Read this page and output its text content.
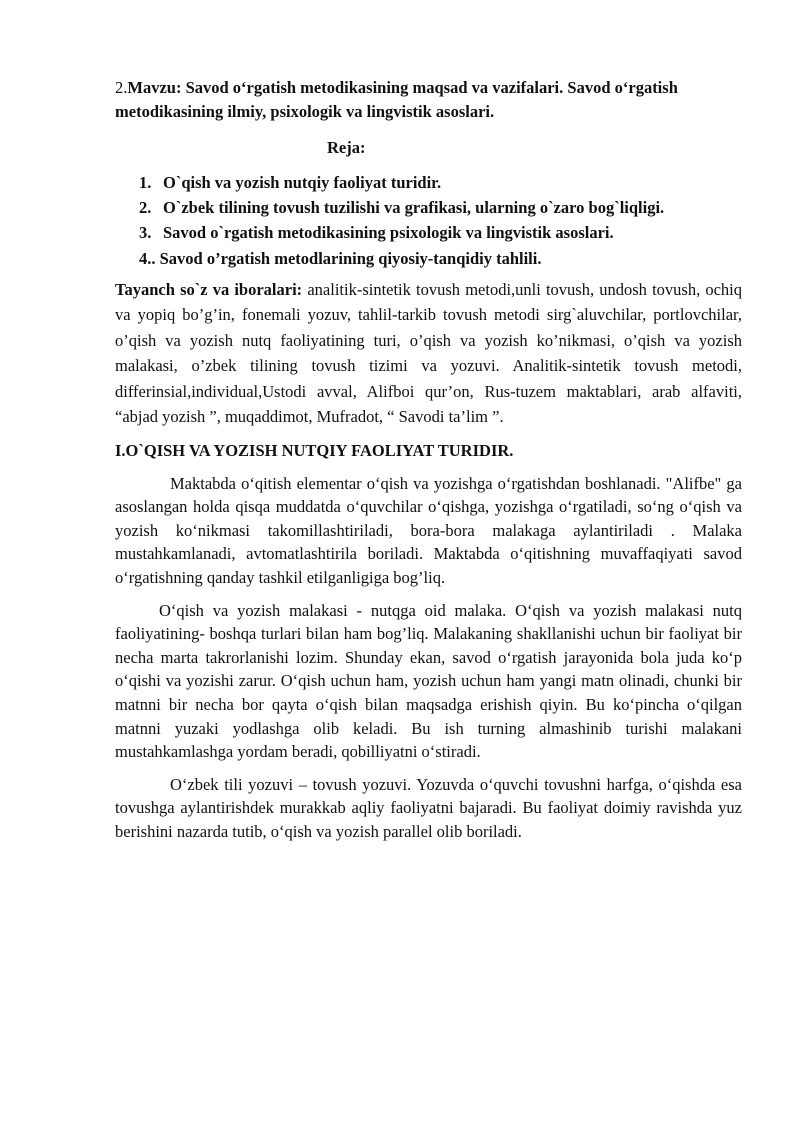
2.Mavzu: Savod o‘rgatish metodikasining maqsad va vazifalari. Savod o‘rgatish metodikasining ilmiy, psixologik va lingvistik asoslari.

Reja:

1. O`qish va yozish nutqiy faoliyat turidir.
2. O`zbek tilining tovush tuzilishi va grafikasi, ularning o`zaro bog`liqligi.
3. Savod o`rgatish metodikasining psixologik va lingvistik asoslari.
4.. Savod o’rgatish metodlarining qiyosiy-tanqidiy tahlili.

Tayanch so`z va iboralari: analitik-sintetik tovush metodi,unli tovush, undosh tovush, ochiq va yopiq bo’g’in, fonemali yozuv, tahlil-tarkib tovush metodi sirg`aluvchilar, portlovchilar, o’qish va yozish nutq faoliyatining turi, o’qish va yozish ko’nikmasi, o’qish va yozish malakasi, o’zbek tilining tovush tizimi va yozuvi. Analitik-sintetik tovush metodi, differinsial,individual,Ustodi avval, Alifboi qur’on, Rus-tuzem maktablari, arab alfaviti, “abjad yozish ”, muqaddimot, Mufradot, “ Savodi ta’lim ”.

I.O`QISH VA YOZISH NUTQIY FAOLIYAT TURIDIR.

Maktabda o‘qitish elementar o‘qish va yozishga o‘rgatishdan boshlanadi. "Alifbe" ga asoslangan holda qisqa muddatda o‘quvchilar o‘qishga, yozishga o‘rgatiladi, so‘ng o‘qish va yozish ko‘nikmasi takomillashtiriladi, bora-bora malakaga aylantiriladi . Malaka mustahkamlanadi, avtomatlashtirila boriladi. Maktabda o‘qitishning muvaffaqiyati savod o‘rgatishning qanday tashkil etilganligiga bog’liq.

O‘qish va yozish malakasi - nutqga oid malaka. O‘qish va yozish malakasi nutq faoliyatining- boshqa turlari bilan ham bog’liq. Malakaning shakllanishi uchun bir faoliyat bir necha marta takrorlanishi lozim. Shunday ekan, savod o‘rgatish jarayonida bola juda ko‘p o‘qishi va yozishi zarur. O‘qish uchun ham, yozish uchun ham yangi matn olinadi, chunki bir matnni bir necha bor qayta o‘qish bilan maqsadga erishish qiyin. Bu ko‘pincha o‘qilgan matnni yuzaki yodlashga olib keladi. Bu ish turning almashinib turishi malakani mustahkamlashga yordam beradi, qobilliyatni o‘stiradi.

O‘zbek tili yozuvi – tovush yozuvi. Yozuvda o‘quvchi tovushni harfga, o‘qishda esa tovushga aylantirishdek murakkab aqliy faoliyatni bajaradi. Bu faoliyat doimiy ravishda yuz berishini nazarda tutib, o‘qish va yozish parallel olib boriladi.
